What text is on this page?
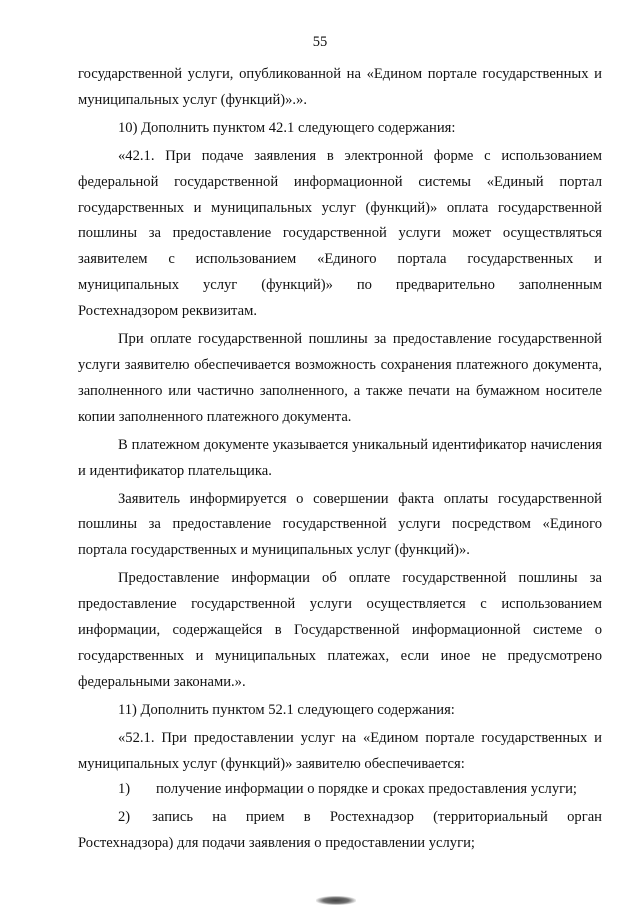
55

государственной услуги, опубликованной на «Едином портале государственных и муниципальных услуг (функций)».».

10) Дополнить пунктом 42.1 следующего содержания:

«42.1. При подаче заявления в электронной форме с использованием федеральной государственной информационной системы «Единый портал государственных и муниципальных услуг (функций)» оплата государственной пошлины за предоставление государственной услуги может осуществляться заявителем с использованием «Единого портала государственных и муниципальных услуг (функций)» по предварительно заполненным Ростехнадзором реквизитам.

При оплате государственной пошлины за предоставление государственной услуги заявителю обеспечивается возможность сохранения платежного документа, заполненного или частично заполненного, а также печати на бумажном носителе копии заполненного платежного документа.

В платежном документе указывается уникальный идентификатор начисления и идентификатор плательщика.

Заявитель информируется о совершении факта оплаты государственной пошлины за предоставление государственной услуги посредством «Единого портала государственных и муниципальных услуг (функций)».

Предоставление информации об оплате государственной пошлины за предоставление государственной услуги осуществляется с использованием информации, содержащейся в Государственной информационной системе о государственных и муниципальных платежах, если иное не предусмотрено федеральными законами.».

11) Дополнить пунктом 52.1 следующего содержания:

«52.1. При предоставлении услуг на «Едином портале государственных и муниципальных услуг (функций)» заявителю обеспечивается:

1)	получение информации о порядке и сроках предоставления услуги;

2) запись на прием в Ростехнадзор (территориальный орган Ростехнадзора) для подачи заявления о предоставлении услуги;
